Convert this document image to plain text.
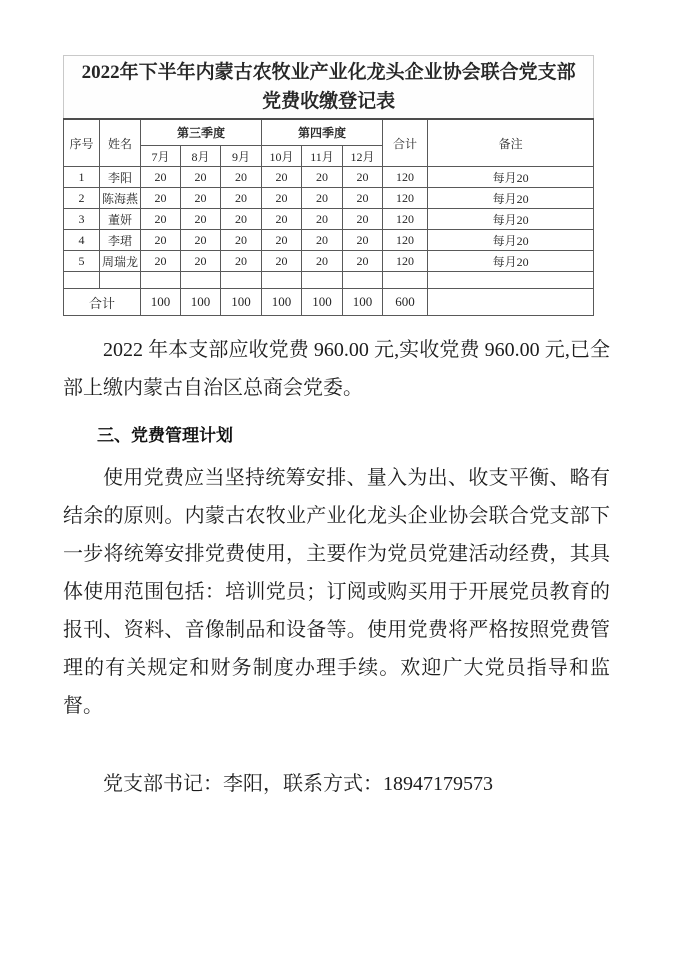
2022年下半年内蒙古农牧业产业化龙头企业协会联合党支部
党费收缴登记表									

序号	姓名	第三季度			第四季度			合计	备注
		7月	8月	9月	10月	11月	12月		
1	李阳	20	20	20	20	20	20	120	每月20
2	陈海燕	20	20	20	20	20	20	120	每月20
3	董妍	20	20	20	20	20	20	120	每月20
4	李珺	20	20	20	20	20	20	120	每月20
5	周瑞龙	20	20	20	20	20	20	120	每月20

合计		100	100	100	100	100	100	600	

2022 年本支部应收党费 960.00 元,实收党费 960.00 元,已全部上缴内蒙古自治区总商会党委。

三、党费管理计划

使用党费应当坚持统筹安排、量入为出、收支平衡、略有结余的原则。内蒙古农牧业产业化龙头企业协会联合党支部下一步将统筹安排党费使用，主要作为党员党建活动经费，其具体使用范围包括：培训党员；订阅或购买用于开展党员教育的报刊、资料、音像制品和设备等。使用党费将严格按照党费管理的有关规定和财务制度办理手续。欢迎广大党员指导和监督。

党支部书记：李阳，联系方式：18947179573
